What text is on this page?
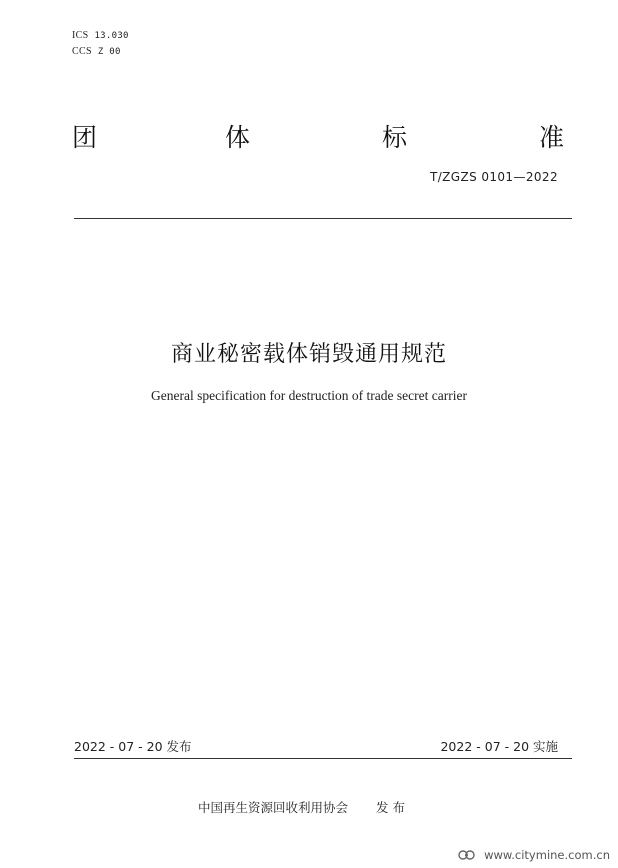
ICS 13.030
CCS Z 00
团	体	标	准
T/ZGZS 0101—2022
商业秘密载体销毁通用规范
General specification for destruction of trade secret carrier
2022 - 07 - 20 发布	2022 - 07 - 20 实施
中国再生资源回收利用协会 发 布
www.citymine.com.cn
